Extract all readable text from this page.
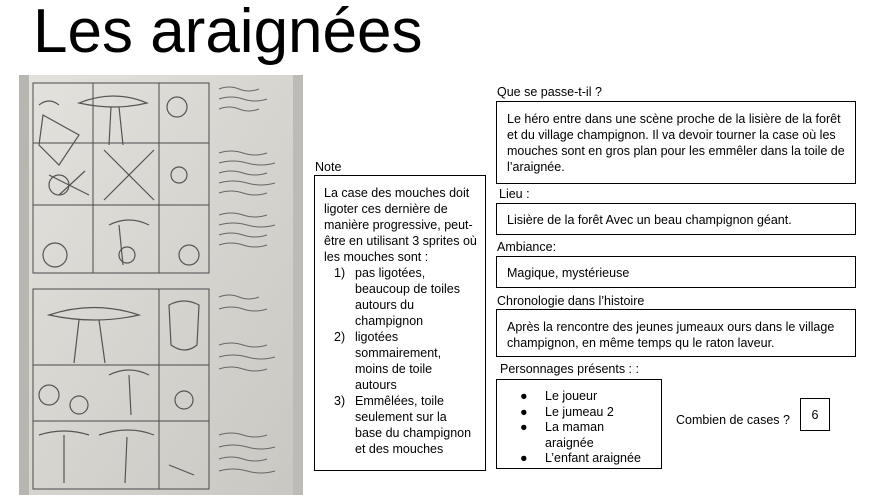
Les araignées
Note
La case des mouches doit ligoter ces dernière de manière progressive, peut-être en utilisant 3 sprites où les mouches sont :
1) pas ligotées, beaucoup de toiles autours du champignon
2) ligotées sommairement, moins de toile autours
3) Emmêlées, toile seulement sur la base du champignon et des mouches
Que se passe-t-il ?
Le héro entre dans une scène proche de la lisière de la forêt et du village champignon. Il va devoir tourner la case où les mouches sont en gros plan pour les emmêler dans la toile de l’araignée.
Lieu :
Lisière de la forêt Avec un beau champignon géant.
Ambiance:
Magique, mystérieuse
Chronologie dans l’histoire
Après la rencontre des jeunes jumeaux ours dans le village champignon, en même temps qu le raton laveur.
Personnages présents : :
●	Le joueur
●	Le jumeau 2
●	La maman araignée
●	L’enfant araignée
Combien de cases ?	6
